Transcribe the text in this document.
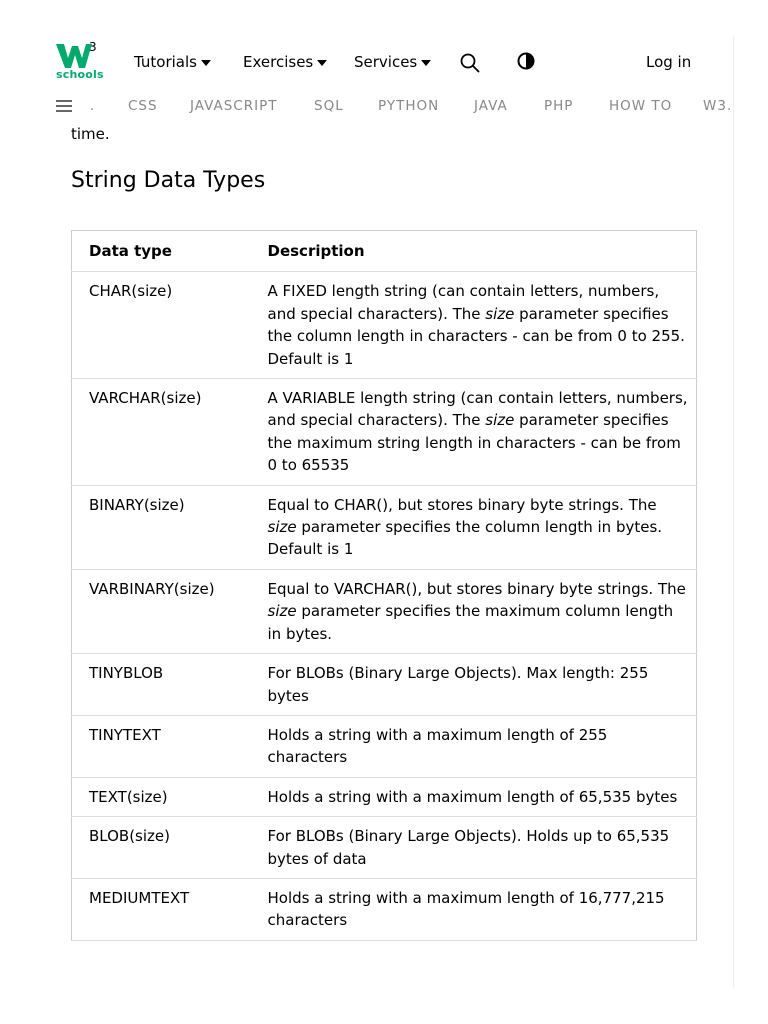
3
schools
Tutorials	Exercises	Services	Log in
. CSS JAVASCRIPT	SQL	PYTHON	JAVA	PHP	HOW TO W3.
time.
String Data Types
Data type	Description
CHAR(size)	A FIXED length string (can contain letters, numbers, and special characters). The size parameter specifies the column length in characters - can be from 0 to 255. Default is 1
VARCHAR(size)	A VARIABLE length string (can contain letters, numbers, and special characters). The size parameter specifies the maximum string length in characters - can be from 0 to 65535
BINARY(size)	Equal to CHAR(), but stores binary byte strings. The size parameter specifies the column length in bytes. Default is 1
VARBINARY(size)	Equal to VARCHAR(), but stores binary byte strings. The size parameter specifies the maximum column length in bytes.
TINYBLOB	For BLOBs (Binary Large Objects). Max length: 255 bytes
TINYTEXT	Holds a string with a maximum length of 255 characters
TEXT(size)	Holds a string with a maximum length of 65,535 bytes
BLOB(size)	For BLOBs (Binary Large Objects). Holds up to 65,535 bytes of data
MEDIUMTEXT	Holds a string with a maximum length of 16,777,215 characters
